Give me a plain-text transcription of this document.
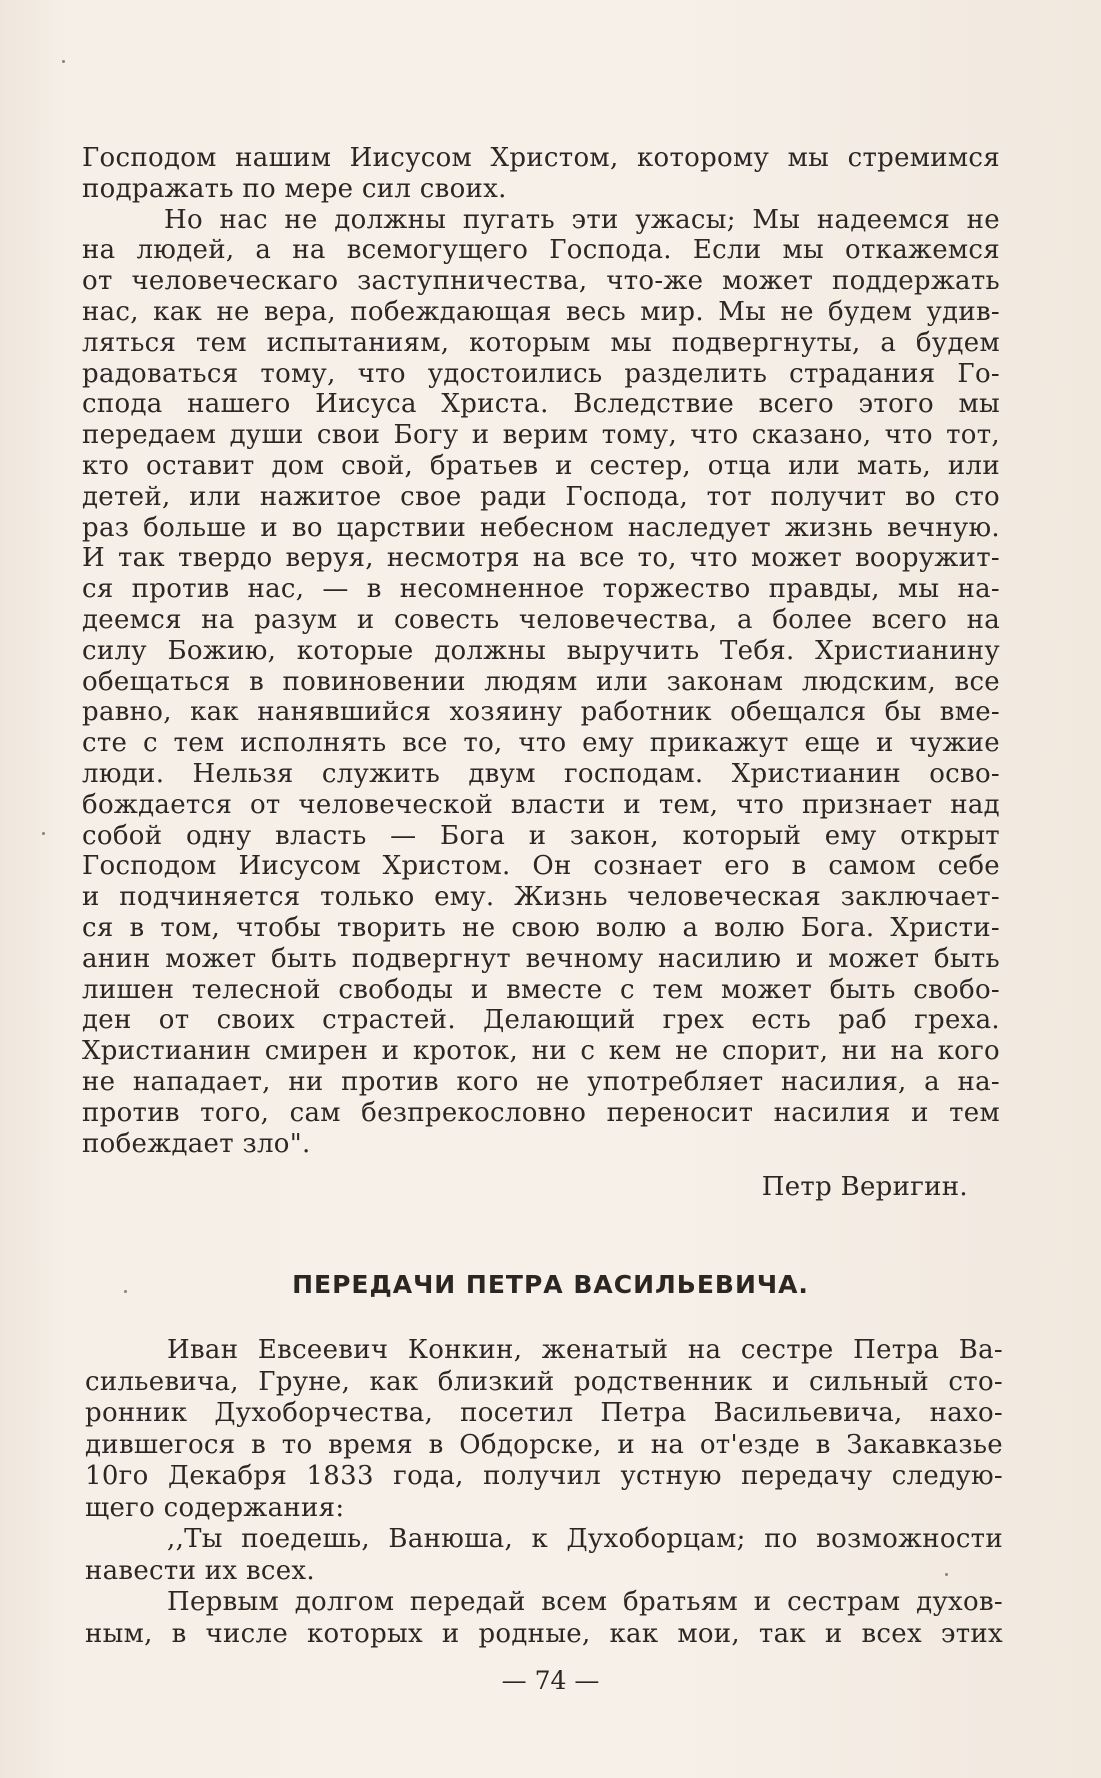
Господом нашим Иисусом Христом, которому мы стремимся
подражать по мере сил своих.
Но нас не должны пугать эти ужасы; Мы надеемся не
на людей, а на всемогущего Господа. Если мы откажемся
от человеческаго заступничества, что-же может поддержать
нас, как не вера, побеждающая весь мир. Мы не будем удив-
ляться тем испытаниям, которым мы подвергнуты, а будем
радоваться тому, что удостоились разделить страдания Го-
спода нашего Иисуса Христа. Вследствие всего этого мы
передаем души свои Богу и верим тому, что сказано, что тот,
кто оставит дом свой, братьев и сестер, отца или мать, или
детей, или нажитое свое ради Господа, тот получит во сто
раз больше и во царствии небесном наследует жизнь вечную.
И так твердо веруя, несмотря на все то, что может вооружит-
ся против нас, — в несомненное торжество правды, мы на-
деемся на разум и совесть человечества, а более всего на
силу Божию, которые должны выручить Тебя. Христианину
обещаться в повиновении людям или законам людским, все
равно, как нанявшийся хозяину работник обещался бы вме-
сте с тем исполнять все то, что ему прикажут еще и чужие
люди. Нельзя служить двум господам. Христианин осво-
бождается от человеческой власти и тем, что признает над
собой одну власть — Бога и закон, который ему открыт
Господом Иисусом Христом. Он сознает его в самом себе
и подчиняется только ему. Жизнь человеческая заключает-
ся в том, чтобы творить не свою волю а волю Бога. Христи-
анин может быть подвергнут вечному насилию и может быть
лишен телесной свободы и вместе с тем может быть свобо-
ден от своих страстей. Делающий грех есть раб греха.
Христианин смирен и кроток, ни с кем не спорит, ни на кого
не нападает, ни против кого не употребляет насилия, а на-
против того, сам безпрекословно переносит насилия и тем
побеждает зло".
Петр Веригин.
ПЕРЕДАЧИ ПЕТРА ВАСИЛЬЕВИЧА.
Иван Евсеевич Конкин, женатый на сестре Петра Ва-
сильевича, Груне, как близкий родственник и сильный сто-
ронник Духоборчества, посетил Петра Васильевича, нахо-
дившегося в то время в Обдорске, и на от'езде в Закавказье
10го Декабря 1833 года, получил устную передачу следую-
щего содержания:
,,Ты поедешь, Ванюша, к Духоборцам; по возможности
навести их всех.
Первым долгом передай всем братьям и сестрам духов-
ным, в числе которых и родные, как мои, так и всех этих
— 74 —
